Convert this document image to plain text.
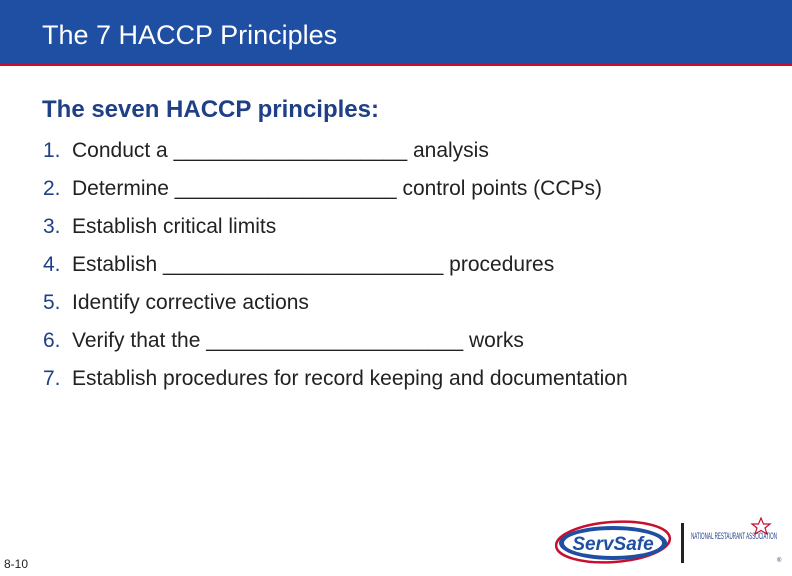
The 7 HACCP Principles
The seven HACCP principles:
1. Conduct a ____________________ analysis
2. Determine ___________________ control points (CCPs)
3. Establish critical limits
4. Establish ________________________ procedures
5. Identify corrective actions
6. Verify that the ______________________ works
7. Establish procedures for record keeping and documentation
8-10
ServSafe	NATIONAL RESTAURANT ASSOCIATION
®
